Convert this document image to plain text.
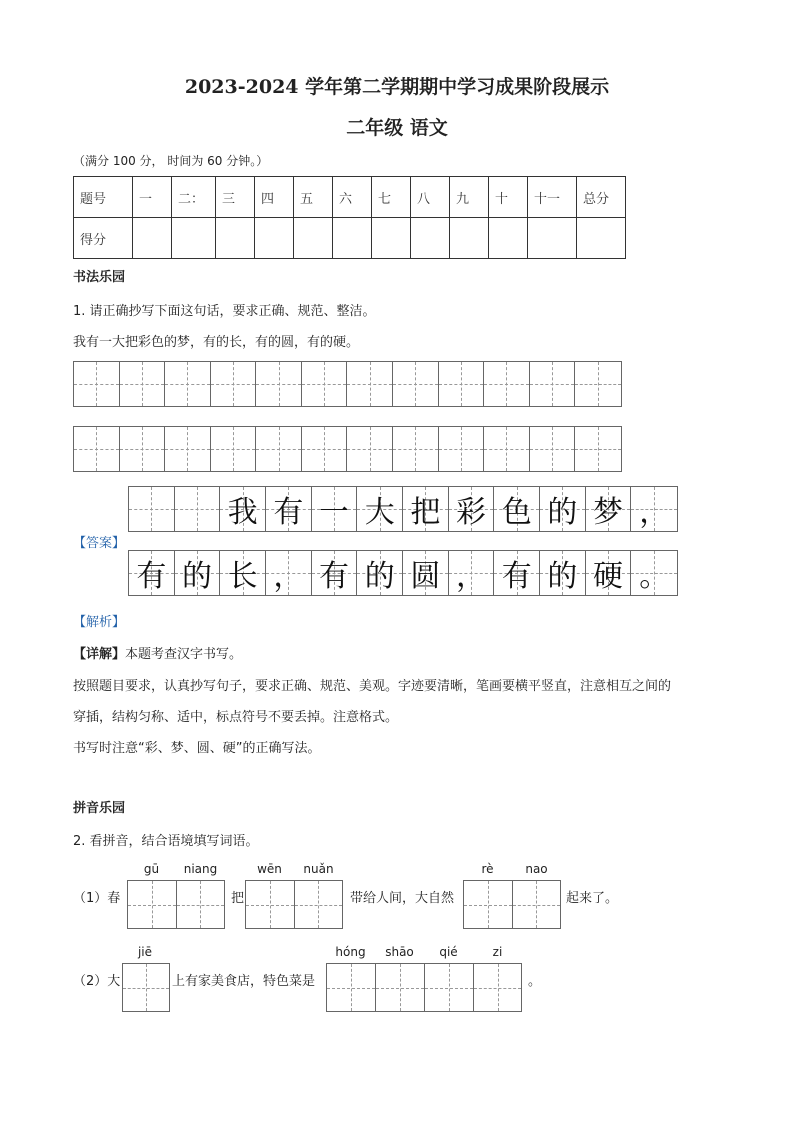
2023-2024 学年第二学期期中学习成果阶段展示
二年级 语文
（满分 100 分， 时间为 60 分钟。）
题号	一	二：	三	四	五	六	七	八	九	十	十一	总分
得分												
书法乐园
1. 请正确抄写下面这句话，要求正确、规范、整洁。
我有一大把彩色的梦，有的长，有的圆，有的硬。
我 有 一 大 把 彩 色 的 梦 ，
【答案】
有 的 长 ， 有 的 圆 ， 有 的 硬 。
【解析】
【详解】本题考查汉字书写。
按照题目要求，认真抄写句子，要求正确、规范、美观。字迹要清晰，笔画要横平竖直，注意相互之间的
穿插，结构匀称、适中，标点符号不要丢掉。注意格式。
书写时注意“彩、梦、圆、硬”的正确写法。
拼音乐园
2. 看拼音，结合语境填写词语。
gū	niang	wēn	nuǎn	rè	nao
（1）春	把	带给人间，大自然	起来了。
jiē	hóng	shāo	qié	zi
（2）大	上有家美食店，特色菜是	。
